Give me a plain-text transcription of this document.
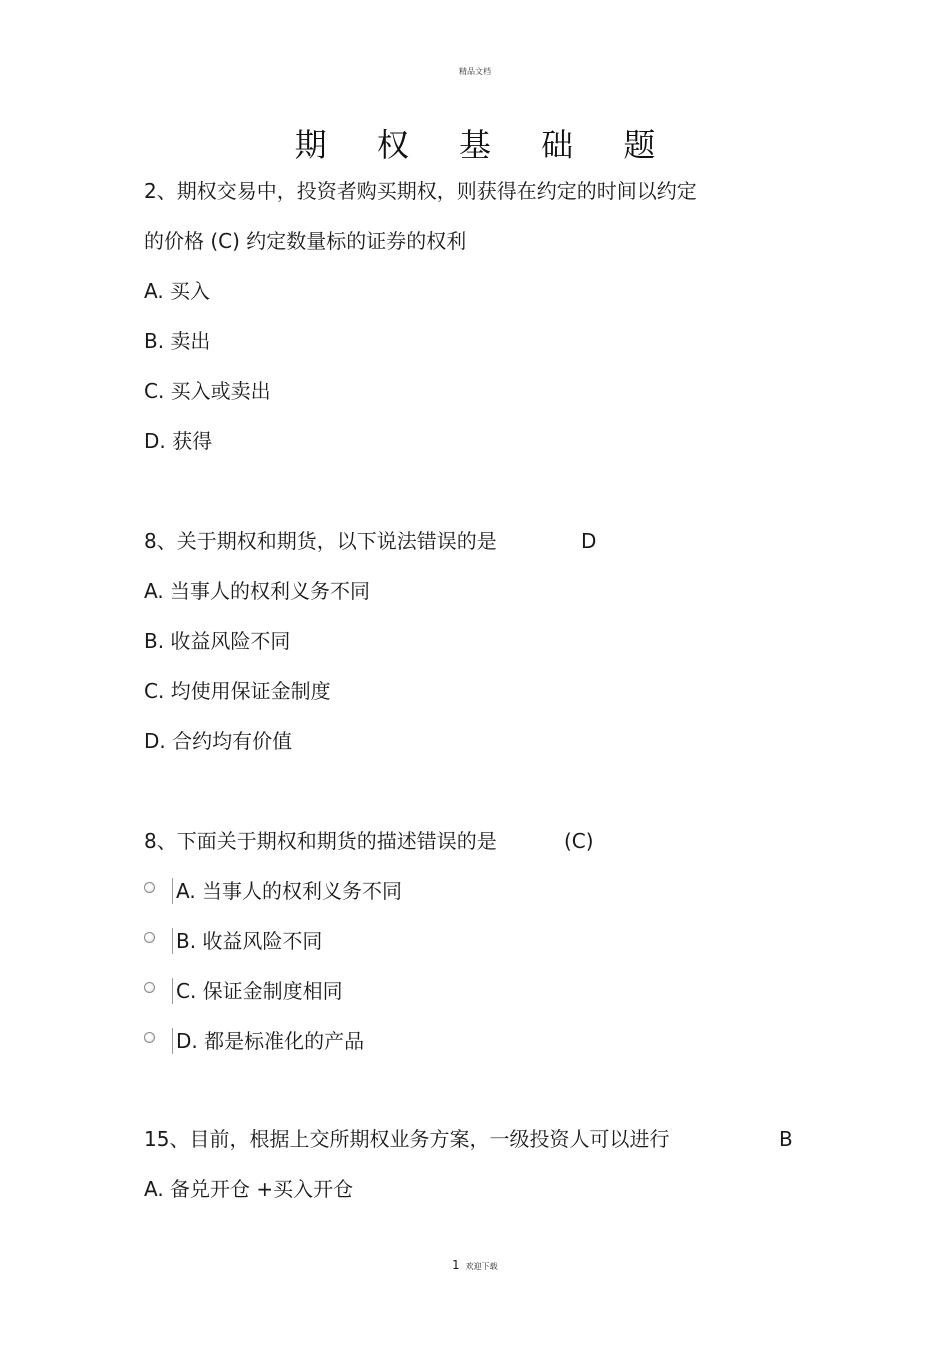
精品文档
期 权 基 础 题
2、期权交易中，投资者购买期权，则获得在约定的时间以约定
的价格 (C) 约定数量标的证券的权利
A. 买入
B. 卖出
C. 买入或卖出
D. 获得
8、关于期权和期货，以下说法错误的是	D
A. 当事人的权利义务不同
B. 收益风险不同
C. 均使用保证金制度
D. 合约均有价值
8、下面关于期权和期货的描述错误的是	(C)
A. 当事人的权利义务不同
B. 收益风险不同
C. 保证金制度相同
D. 都是标准化的产品
15、目前，根据上交所期权业务方案，一级投资人可以进行	B
A. 备兑开仓 +买入开仓
1 欢迎下载
